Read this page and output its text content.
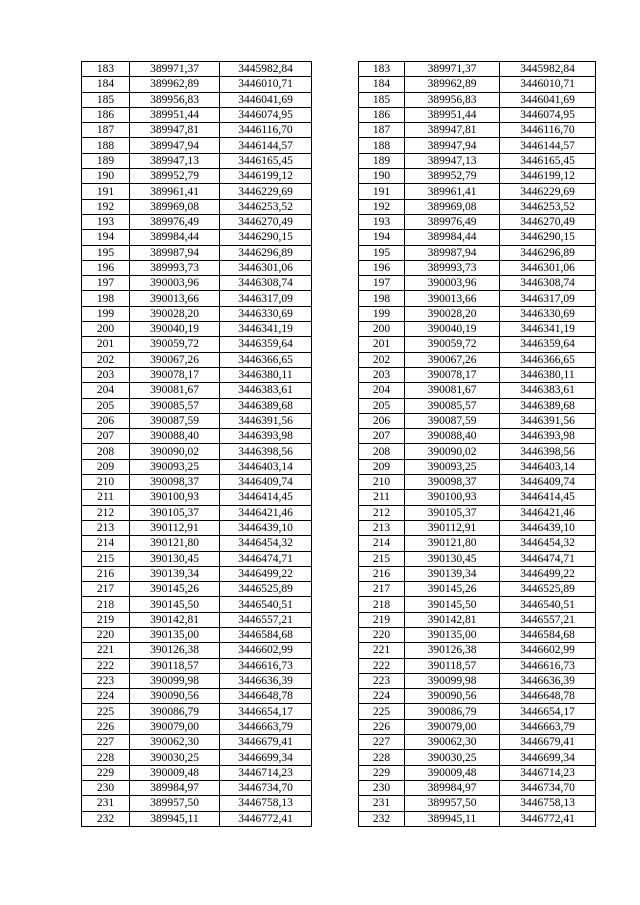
183	389971,37	3445982,84		183	389971,37	3445982,84
184	389962,89	3446010,71		184	389962,89	3446010,71
185	389956,83	3446041,69		185	389956,83	3446041,69
186	389951,44	3446074,95		186	389951,44	3446074,95
187	389947,81	3446116,70		187	389947,81	3446116,70
188	389947,94	3446144,57		188	389947,94	3446144,57
189	389947,13	3446165,45		189	389947,13	3446165,45
190	389952,79	3446199,12		190	389952,79	3446199,12
191	389961,41	3446229,69		191	389961,41	3446229,69
192	389969,08	3446253,52		192	389969,08	3446253,52
193	389976,49	3446270,49		193	389976,49	3446270,49
194	389984,44	3446290,15		194	389984,44	3446290,15
195	389987,94	3446296,89		195	389987,94	3446296,89
196	389993,73	3446301,06		196	389993,73	3446301,06
197	390003,96	3446308,74		197	390003,96	3446308,74
198	390013,66	3446317,09		198	390013,66	3446317,09
199	390028,20	3446330,69		199	390028,20	3446330,69
200	390040,19	3446341,19		200	390040,19	3446341,19
201	390059,72	3446359,64		201	390059,72	3446359,64
202	390067,26	3446366,65		202	390067,26	3446366,65
203	390078,17	3446380,11		203	390078,17	3446380,11
204	390081,67	3446383,61		204	390081,67	3446383,61
205	390085,57	3446389,68		205	390085,57	3446389,68
206	390087,59	3446391,56		206	390087,59	3446391,56
207	390088,40	3446393,98		207	390088,40	3446393,98
208	390090,02	3446398,56		208	390090,02	3446398,56
209	390093,25	3446403,14		209	390093,25	3446403,14
210	390098,37	3446409,74		210	390098,37	3446409,74
211	390100,93	3446414,45		211	390100,93	3446414,45
212	390105,37	3446421,46		212	390105,37	3446421,46
213	390112,91	3446439,10		213	390112,91	3446439,10
214	390121,80	3446454,32		214	390121,80	3446454,32
215	390130,45	3446474,71		215	390130,45	3446474,71
216	390139,34	3446499,22		216	390139,34	3446499,22
217	390145,26	3446525,89		217	390145,26	3446525,89
218	390145,50	3446540,51		218	390145,50	3446540,51
219	390142,81	3446557,21		219	390142,81	3446557,21
220	390135,00	3446584,68		220	390135,00	3446584,68
221	390126,38	3446602,99		221	390126,38	3446602,99
222	390118,57	3446616,73		222	390118,57	3446616,73
223	390099,98	3446636,39		223	390099,98	3446636,39
224	390090,56	3446648,78		224	390090,56	3446648,78
225	390086,79	3446654,17		225	390086,79	3446654,17
226	390079,00	3446663,79		226	390079,00	3446663,79
227	390062,30	3446679,41		227	390062,30	3446679,41
228	390030,25	3446699,34		228	390030,25	3446699,34
229	390009,48	3446714,23		229	390009,48	3446714,23
230	389984,97	3446734,70		230	389984,97	3446734,70
231	389957,50	3446758,13		231	389957,50	3446758,13
232	389945,11	3446772,41		232	389945,11	3446772,41
